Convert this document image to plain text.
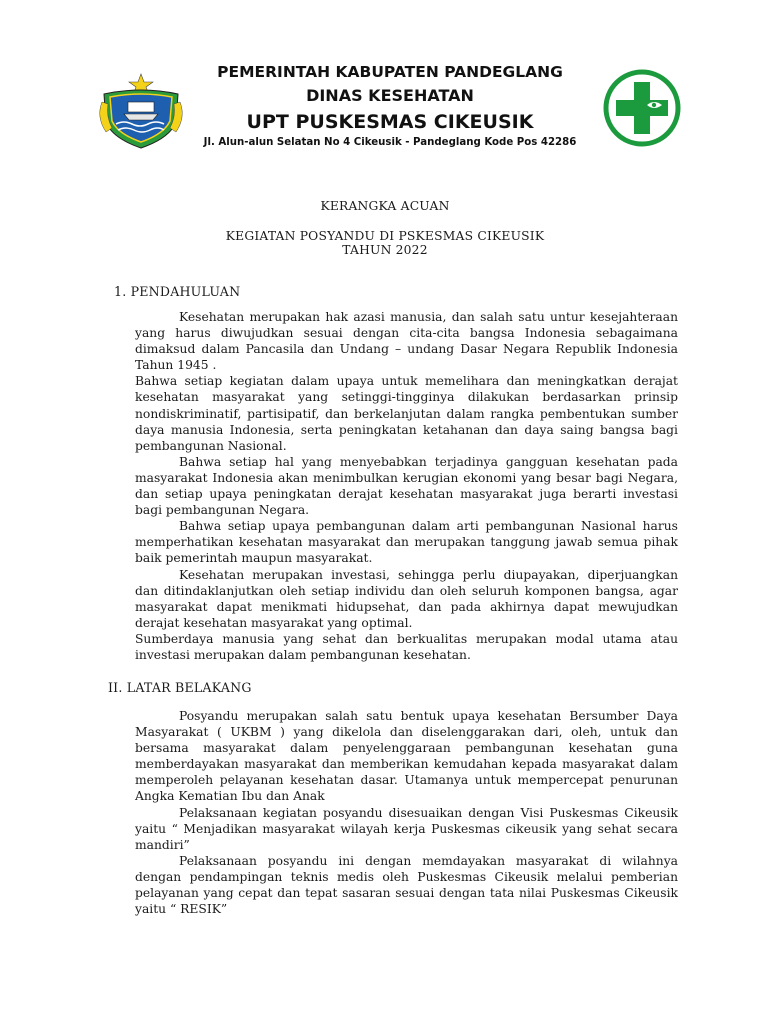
PEMERINTAH KABUPATEN PANDEGLANG
DINAS KESEHATAN
UPT PUSKESMAS CIKEUSIK
Jl. Alun-alun Selatan No 4 Cikeusik - Pandeglang Kode Pos 42286
KERANGKA ACUAN
KEGIATAN POSYANDU DI PSKESMAS CIKEUSIK
TAHUN 2022
1. PENDAHULUAN

Kesehatan merupakan hak azasi manusia, dan salah satu untur kesejahteraan yang harus diwujudkan sesuai dengan cita-cita bangsa Indonesia sebagaimana dimaksud dalam Pancasila dan Undang – undang Dasar Negara Republik Indonesia Tahun 1945 .

Bahwa setiap kegiatan dalam upaya untuk memelihara dan meningkatkan derajat kesehatan masyarakat yang setinggi-tingginya dilakukan berdasarkan prinsip nondiskriminatif, partisipatif, dan berkelanjutan dalam rangka pembentukan sumber daya manusia Indonesia, serta peningkatan ketahanan dan daya saing bangsa bagi pembangunan Nasional.

Bahwa setiap hal yang menyebabkan terjadinya gangguan kesehatan pada masyarakat Indonesia akan menimbulkan kerugian ekonomi yang besar bagi Negara, dan setiap upaya peningkatan derajat kesehatan masyarakat juga berarti investasi bagi pembangunan Negara.

Bahwa setiap upaya pembangunan dalam arti pembangunan Nasional harus memperhatikan kesehatan masyarakat dan merupakan tanggung jawab semua pihak baik pemerintah maupun masyarakat.

Kesehatan merupakan investasi, sehingga perlu diupayakan, diperjuangkan dan ditindaklanjutkan oleh setiap individu dan oleh seluruh komponen bangsa, agar masyarakat dapat menikmati hidupsehat, dan pada akhirnya dapat mewujudkan derajat kesehatan masyarakat yang optimal.

Sumberdaya manusia yang sehat dan berkualitas merupakan modal utama atau investasi merupakan dalam pembangunan kesehatan.

II. LATAR BELAKANG

Posyandu merupakan salah satu bentuk upaya kesehatan Bersumber Daya Masyarakat ( UKBM ) yang dikelola dan diselenggarakan dari, oleh, untuk dan bersama masyarakat dalam penyelenggaraan pembangunan kesehatan guna memberdayakan masyarakat dan memberikan kemudahan kepada masyarakat dalam memperoleh pelayanan kesehatan dasar. Utamanya untuk mempercepat penurunan Angka Kematian Ibu dan Anak

Pelaksanaan kegiatan posyandu disesuaikan dengan Visi Puskesmas Cikeusik yaitu “ Menjadikan masyarakat wilayah kerja Puskesmas cikeusik yang sehat secara mandiri”

Pelaksanaan posyandu ini dengan memdayakan masyarakat di wilahnya dengan pendampingan teknis medis oleh Puskesmas Cikeusik melalui pemberian pelayanan yang cepat dan tepat sasaran sesuai dengan tata nilai Puskesmas Cikeusik yaitu “ RESIK”
